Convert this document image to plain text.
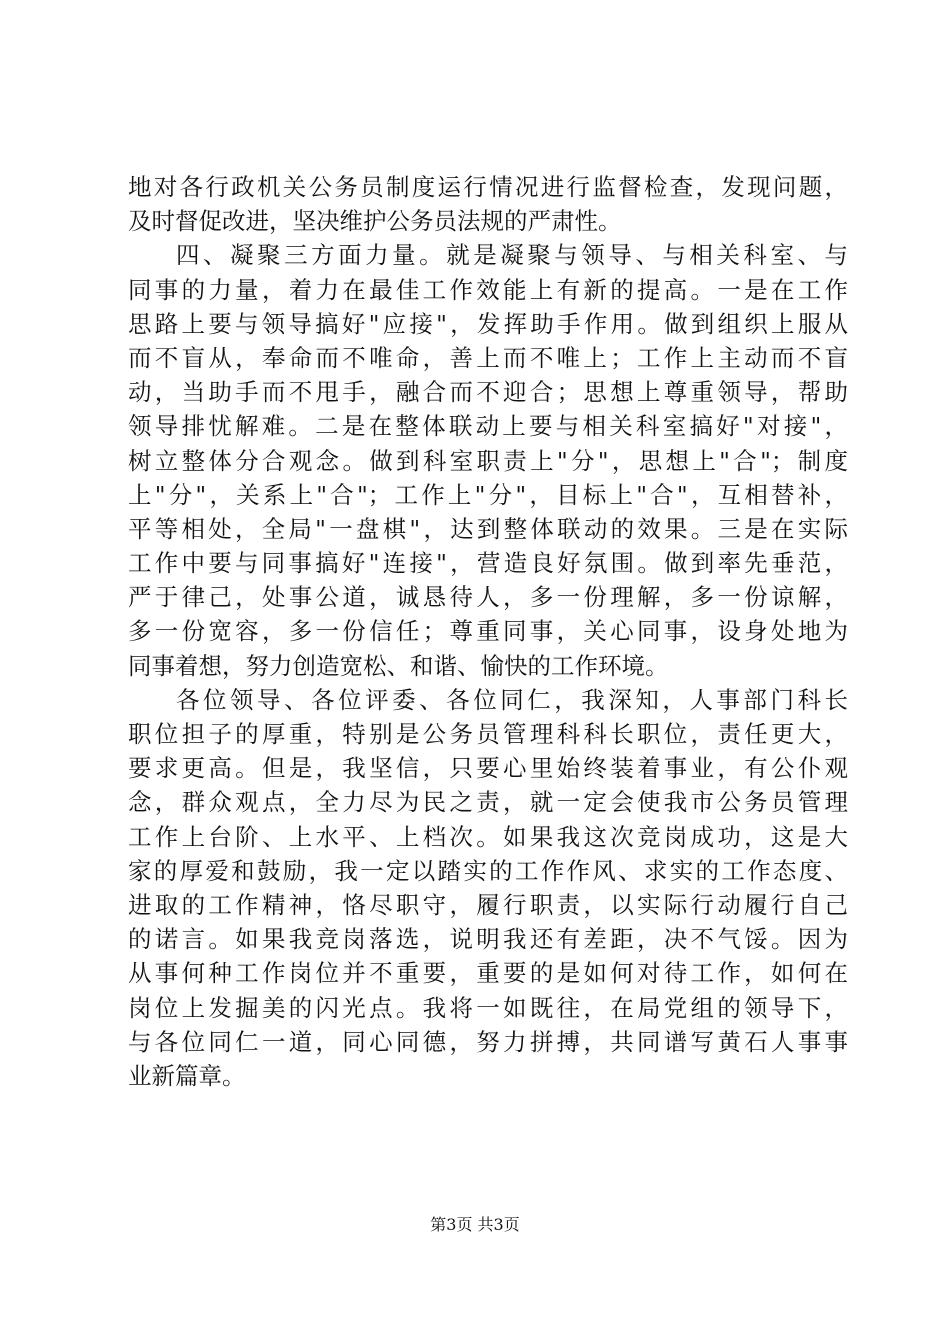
地对各行政机关公务员制度运行情况进行监督检查，发现问题，
及时督促改进，坚决维护公务员法规的严肃性。
四、凝聚三方面力量。就是凝聚与领导、与相关科室、与
同事的力量，着力在最佳工作效能上有新的提高。一是在工作
思路上要与领导搞好"应接"，发挥助手作用。做到组织上服从
而不盲从，奉命而不唯命，善上而不唯上；工作上主动而不盲
动，当助手而不甩手，融合而不迎合；思想上尊重领导，帮助
领导排忧解难。二是在整体联动上要与相关科室搞好"对接"，
树立整体分合观念。做到科室职责上"分"，思想上"合"；制度
上"分"，关系上"合"；工作上"分"，目标上"合"，互相替补，
平等相处，全局"一盘棋"，达到整体联动的效果。三是在实际
工作中要与同事搞好"连接"，营造良好氛围。做到率先垂范，
严于律己，处事公道，诚恳待人，多一份理解，多一份谅解，
多一份宽容，多一份信任；尊重同事，关心同事，设身处地为
同事着想，努力创造宽松、和谐、愉快的工作环境。
各位领导、各位评委、各位同仁，我深知，人事部门科长
职位担子的厚重，特别是公务员管理科科长职位，责任更大，
要求更高。但是，我坚信，只要心里始终装着事业，有公仆观
念，群众观点，全力尽为民之责，就一定会使我市公务员管理
工作上台阶、上水平、上档次。如果我这次竞岗成功，这是大
家的厚爱和鼓励，我一定以踏实的工作作风、求实的工作态度、
进取的工作精神，恪尽职守，履行职责，以实际行动履行自己
的诺言。如果我竞岗落选，说明我还有差距，决不气馁。因为
从事何种工作岗位并不重要，重要的是如何对待工作，如何在
岗位上发掘美的闪光点。我将一如既往，在局党组的领导下，
与各位同仁一道，同心同德，努力拼搏，共同谱写黄石人事事
业新篇章。
第3页 共3页
